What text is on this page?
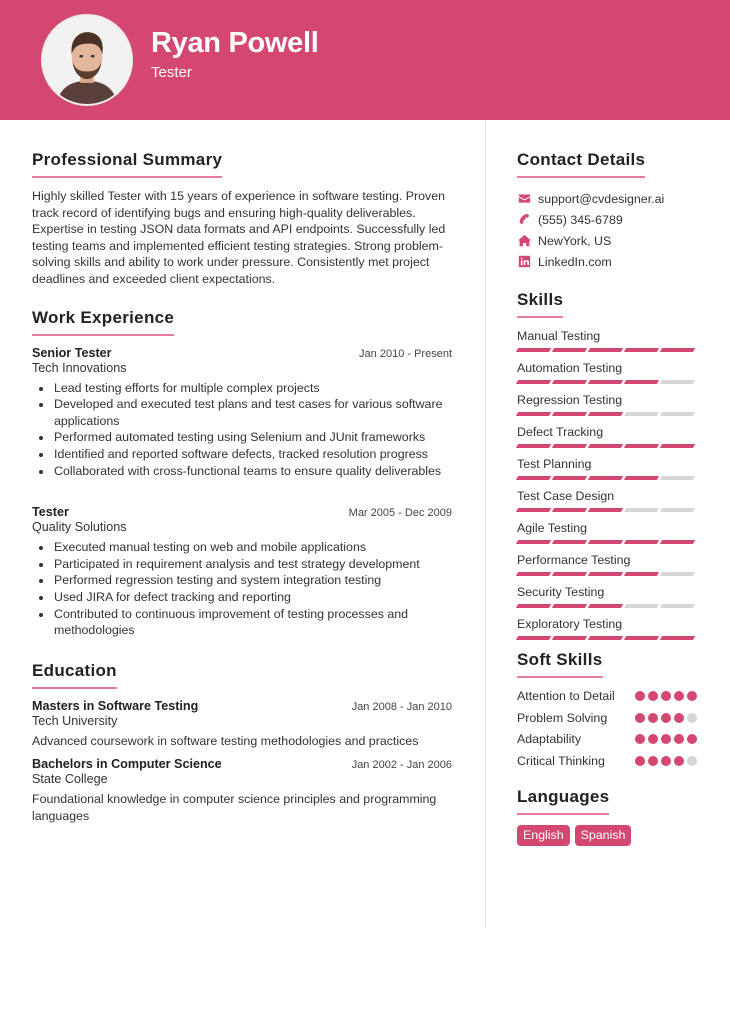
Ryan Powell
Tester
Professional Summary

Highly skilled Tester with 15 years of experience in software testing. Proven track record of identifying bugs and ensuring high-quality deliverables. Expertise in testing JSON data formats and API endpoints. Successfully led testing teams and implemented efficient testing strategies. Strong problem-solving skills and ability to work under pressure. Consistently met project deadlines and exceeded client expectations.

Work Experience
Senior Tester	Jan 2010 - Present
Tech Innovations
Lead testing efforts for multiple complex projects
Developed and executed test plans and test cases for various software applications
Performed automated testing using Selenium and JUnit frameworks
Identified and reported software defects, tracked resolution progress
Collaborated with cross-functional teams to ensure quality deliverables
Tester	Mar 2005 - Dec 2009
Quality Solutions
Executed manual testing on web and mobile applications
Participated in requirement analysis and test strategy development
Performed regression testing and system integration testing
Used JIRA for defect tracking and reporting
Contributed to continuous improvement of testing processes and methodologies
Education
Masters in Software Testing	Jan 2008 - Jan 2010
Tech University

Advanced coursework in software testing methodologies and practices

Bachelors in Computer Science	Jan 2002 - Jan 2006
State College

Foundational knowledge in computer science principles and programming languages

Contact Details
support@cvdesigner.ai
(555) 345-6789
NewYork, US
LinkedIn.com
Skills
Manual Testing
Automation Testing
Regression Testing
Defect Tracking
Test Planning
Test Case Design
Agile Testing
Performance Testing
Security Testing
Exploratory Testing
Soft Skills
Attention to Detail
Problem Solving
Adaptability
Critical Thinking
Languages
English	Spanish
